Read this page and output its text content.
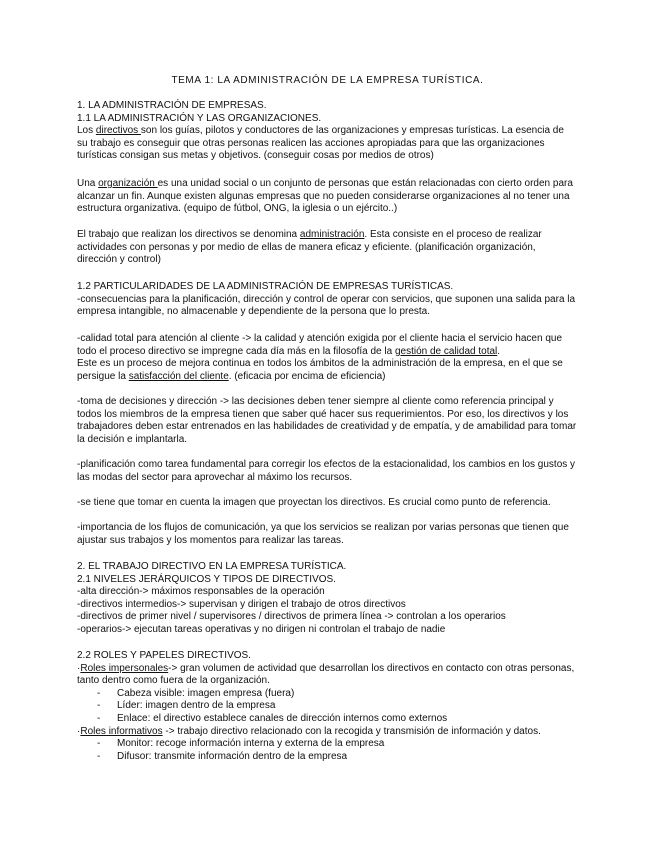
TEMA 1: LA ADMINISTRACIÓN DE LA EMPRESA TURÍSTICA.

1. LA ADMINISTRACIÓN DE EMPRESAS.

1.1 LA ADMINISTRACIÓN Y LAS ORGANIZACIONES.

Los directivos son los guías, pilotos y conductores de las organizaciones y empresas turísticas. La esencia de su trabajo es conseguir que otras personas realicen las acciones apropiadas para que las organizaciones turísticas consigan sus metas y objetivos. (conseguir cosas por medios de otros)

Una organización es una unidad social o un conjunto de personas que están relacionadas con cierto orden para alcanzar un fin. Aunque existen algunas empresas que no pueden considerarse organizaciones al no tener una estructura organizativa. (equipo de fútbol, ONG, la iglesia o un ejército..)

El trabajo que realizan los directivos se denomina administración. Esta consiste en el proceso de realizar actividades con personas y por medio de ellas de manera eficaz y eficiente. (planificación organización, dirección y control)

1.2 PARTICULARIDADES DE LA ADMINISTRACIÓN DE EMPRESAS TURÍSTICAS.

-consecuencias para la planificación, dirección y control de operar con servicios, que suponen una salida para la empresa intangible, no almacenable y dependiente de la persona que lo presta.

-calidad total para atención al cliente -> la calidad y atención exigida por el cliente hacia el servicio hacen que todo el proceso directivo se impregne cada día más en la filosofía de la gestión de calidad total.

Este es un proceso de mejora continua en todos los ámbitos de la administración de la empresa, en el que se persigue la satisfacción del cliente. (eficacia por encima de eficiencia)

-toma de decisiones y dirección -> las decisiones deben tener siempre al cliente como referencia principal y todos los miembros de la empresa tienen que saber qué hacer sus requerimientos. Por eso, los directivos y los trabajadores deben estar entrenados en las habilidades de creatividad y de empatía, y de amabilidad para tomar la decisión e implantarla.

-planificación como tarea fundamental para corregir los efectos de la estacionalidad, los cambios en los gustos y las modas del sector para aprovechar al máximo los recursos.

-se tiene que tomar en cuenta la imagen que proyectan los directivos. Es crucial como punto de referencia.

-importancia de los flujos de comunicación, ya que los servicios se realizan por varias personas que tienen que ajustar sus trabajos y los momentos para realizar las tareas.

2. EL TRABAJO DIRECTIVO EN LA EMPRESA TURÍSTICA.

2.1 NIVELES JERÁRQUICOS Y TIPOS DE DIRECTIVOS.

-alta dirección-> máximos responsables de la operación

-directivos intermedios-> supervisan y dirigen el trabajo de otros directivos

-directivos de primer nivel / supervisores / directivos de primera línea -> controlan a los operarios

-operarios-> ejecutan tareas operativas y no dirigen ni controlan el trabajo de nadie

2.2 ROLES Y PAPELES DIRECTIVOS.

·Roles impersonales-> gran volumen de actividad que desarrollan los directivos en contacto con otras personas, tanto dentro como fuera de la organización.

- Cabeza visible: imagen empresa (fuera)

- Líder: imagen dentro de la empresa

- Enlace: el directivo establece canales de dirección internos como externos

·Roles informativos -> trabajo directivo relacionado con la recogida y transmisión de información y datos.

- Monitor: recoge información interna y externa de la empresa

- Difusor: transmite información dentro de la empresa
